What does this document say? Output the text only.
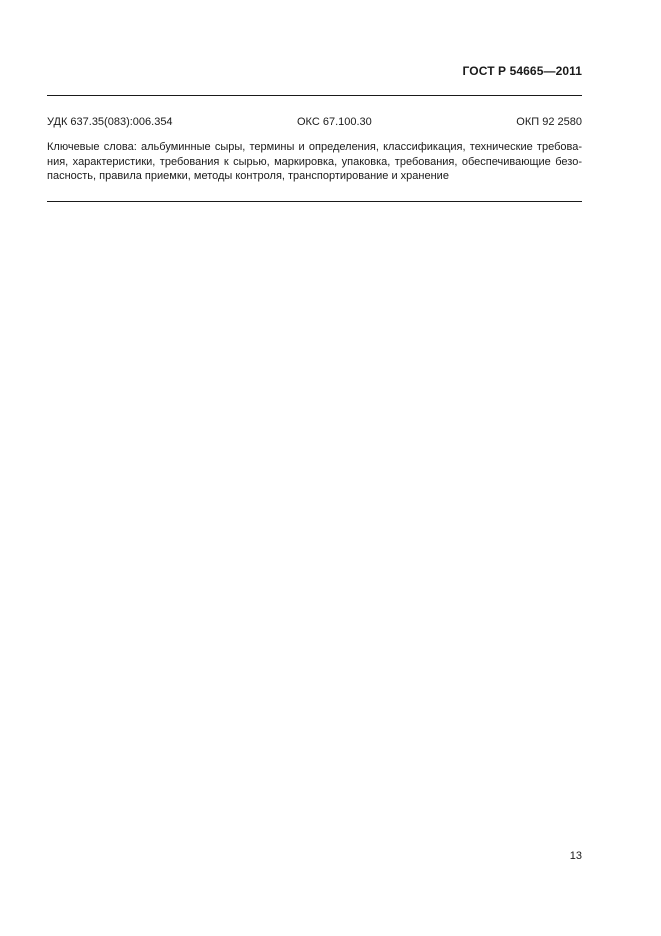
ГОСТ Р 54665—2011
УДК 637.35(083):006.354	ОКС 67.100.30	ОКП 92 2580
Ключевые слова: альбуминные сыры, термины и определения, классификация, технические требова-
ния, характеристики, требования к сырью, маркировка, упаковка, требования, обеспечивающие безо-
пасность, правила приемки, методы контроля, транспортирование и хранение
13
